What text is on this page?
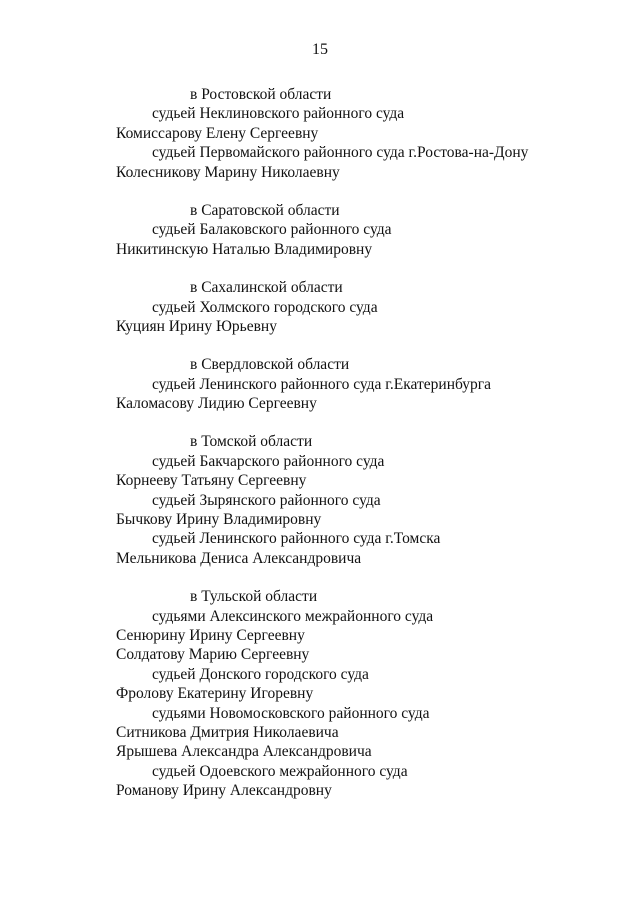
15
в Ростовской области
судьей Неклиновского районного суда
Комиссарову Елену Сергеевну
судьей Первомайского районного суда г.Ростова-на-Дону
Колесникову Марину Николаевну
в Саратовской области
судьей Балаковского районного суда
Никитинскую Наталью Владимировну
в Сахалинской области
судьей Холмского городского суда
Куциян Ирину Юрьевну
в Свердловской области
судьей Ленинского районного суда г.Екатеринбурга
Каломасову Лидию Сергеевну
в Томской области
судьей Бакчарского районного суда
Корнееву Татьяну Сергеевну
судьей Зырянского районного суда
Бычкову Ирину Владимировну
судьей Ленинского районного суда г.Томска
Мельникова Дениса Александровича
в Тульской области
судьями Алексинского межрайонного суда
Сенюрину Ирину Сергеевну
Солдатову Марию Сергеевну
судьей Донского городского суда
Фролову Екатерину Игоревну
судьями Новомосковского районного суда
Ситникова Дмитрия Николаевича
Ярышева Александра Александровича
судьей Одоевского межрайонного суда
Романову Ирину Александровну
